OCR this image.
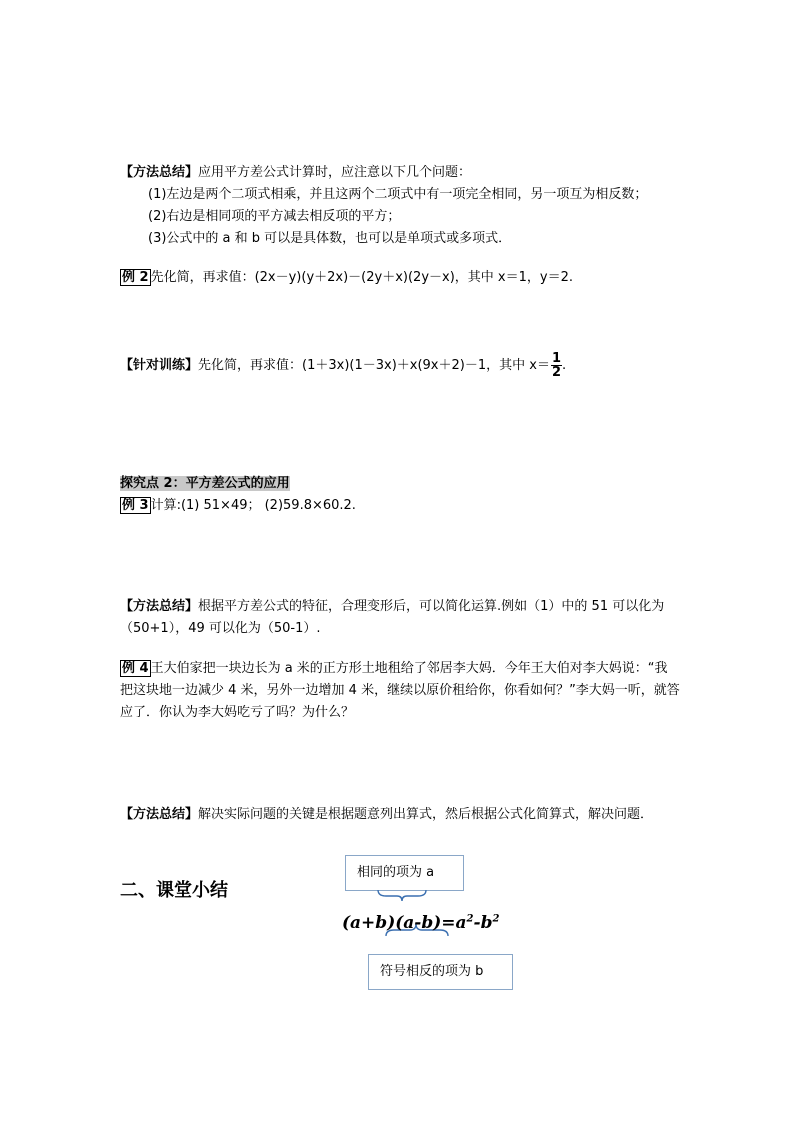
【方法总结】应用平方差公式计算时，应注意以下几个问题：
(1)左边是两个二项式相乘，并且这两个二项式中有一项完全相同，另一项互为相反数；
(2)右边是相同项的平方减去相反项的平方；
(3)公式中的 a 和 b 可以是具体数，也可以是单项式或多项式．
例 2 先化简，再求值：(2x－y)(y＋2x)－(2y＋x)(2y－x)，其中 x＝1，y＝2.
【针对训练】先化简，再求值：(1＋3x)(1－3x)＋x(9x＋2)－1，其中 $x= \frac{1}{2}$ .
探究点 2：平方差公式的应用
例 3 计算:(1) 51×49； (2)59.8×60.2.
【方法总结】根据平方差公式的特征，合理变形后，可以简化运算.例如（1）中的 51 可以化为（50+1），49 可以化为（50-1）.
例 4 王大伯家把一块边长为 a 米的正方形土地租给了邻居李大妈．今年王大伯对李大妈说：“我把这块地一边减少 4 米，另外一边增加 4 米，继续以原价租给你，你看如何？”李大妈一听，就答应了．你认为李大妈吃亏了吗？为什么？
【方法总结】解决实际问题的关键是根据题意列出算式，然后根据公式化简算式，解决问题．
二、课堂小结
相同的项为 a
$(a+b)(a-b)=a^2-b^2$
符号相反的项为 b
